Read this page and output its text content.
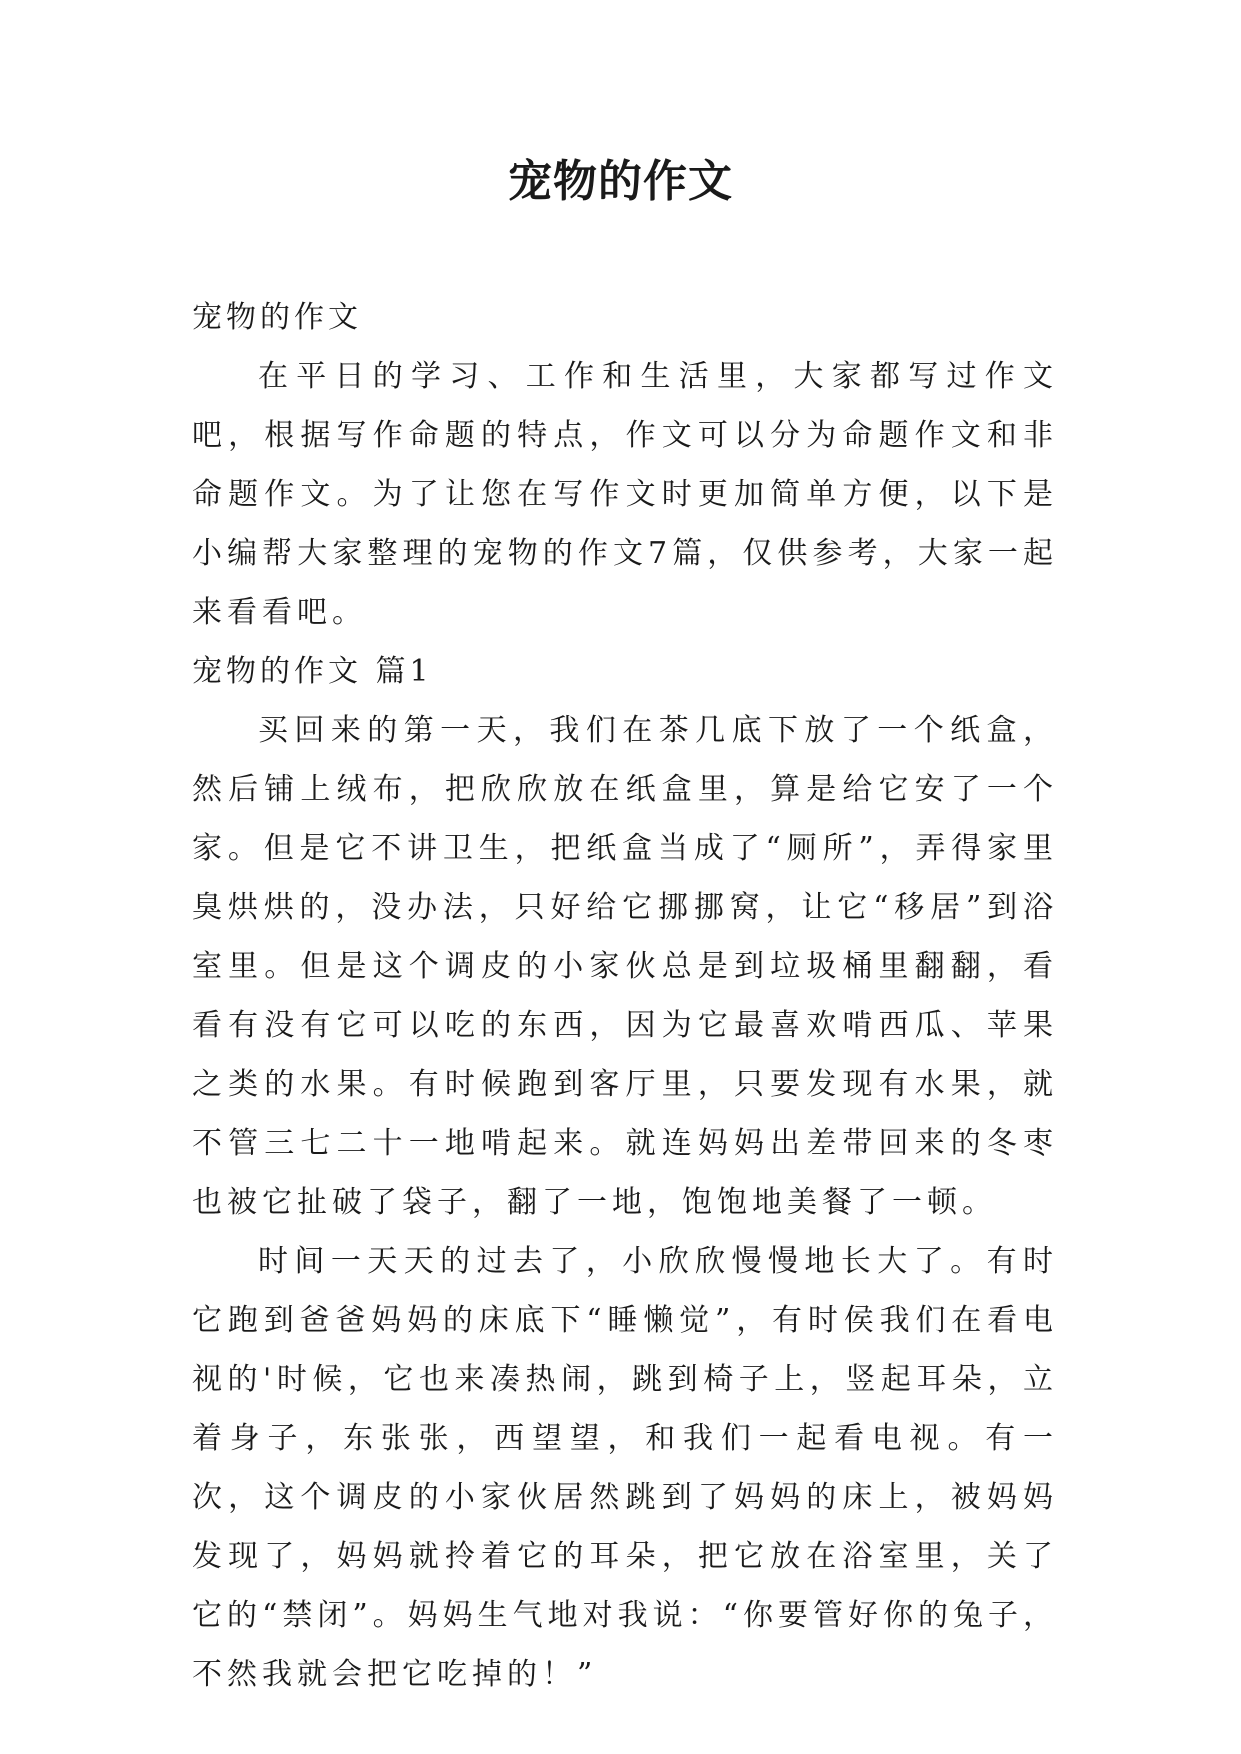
宠物的作文

宠物的作文

在平日的学习、工作和生活里，大家都写过作文吧，根据写作命题的特点，作文可以分为命题作文和非命题作文。为了让您在写作文时更加简单方便，以下是小编帮大家整理的宠物的作文7篇，仅供参考，大家一起来看看吧。

宠物的作文 篇1

买回来的第一天，我们在茶几底下放了一个纸盒，然后铺上绒布，把欣欣放在纸盒里，算是给它安了一个家。但是它不讲卫生，把纸盒当成了“厕所”，弄得家里臭烘烘的，没办法，只好给它挪挪窝，让它“移居”到浴室里。但是这个调皮的小家伙总是到垃圾桶里翻翻，看看有没有它可以吃的东西，因为它最喜欢啃西瓜、苹果之类的水果。有时候跑到客厅里，只要发现有水果，就不管三七二十一地啃起来。就连妈妈出差带回来的冬枣也被它扯破了袋子，翻了一地，饱饱地美餐了一顿。

时间一天天的过去了，小欣欣慢慢地长大了。有时它跑到爸爸妈妈的床底下“睡懒觉”，有时侯我们在看电视的'时候，它也来凑热闹，跳到椅子上，竖起耳朵，立着身子，东张张，西望望，和我们一起看电视。有一次，这个调皮的小家伙居然跳到了妈妈的床上，被妈妈发现了，妈妈就拎着它的耳朵，把它放在浴室里，关了它的“禁闭”。妈妈生气地对我说：“你要管好你的兔子，不然我就会把它吃掉的！”
